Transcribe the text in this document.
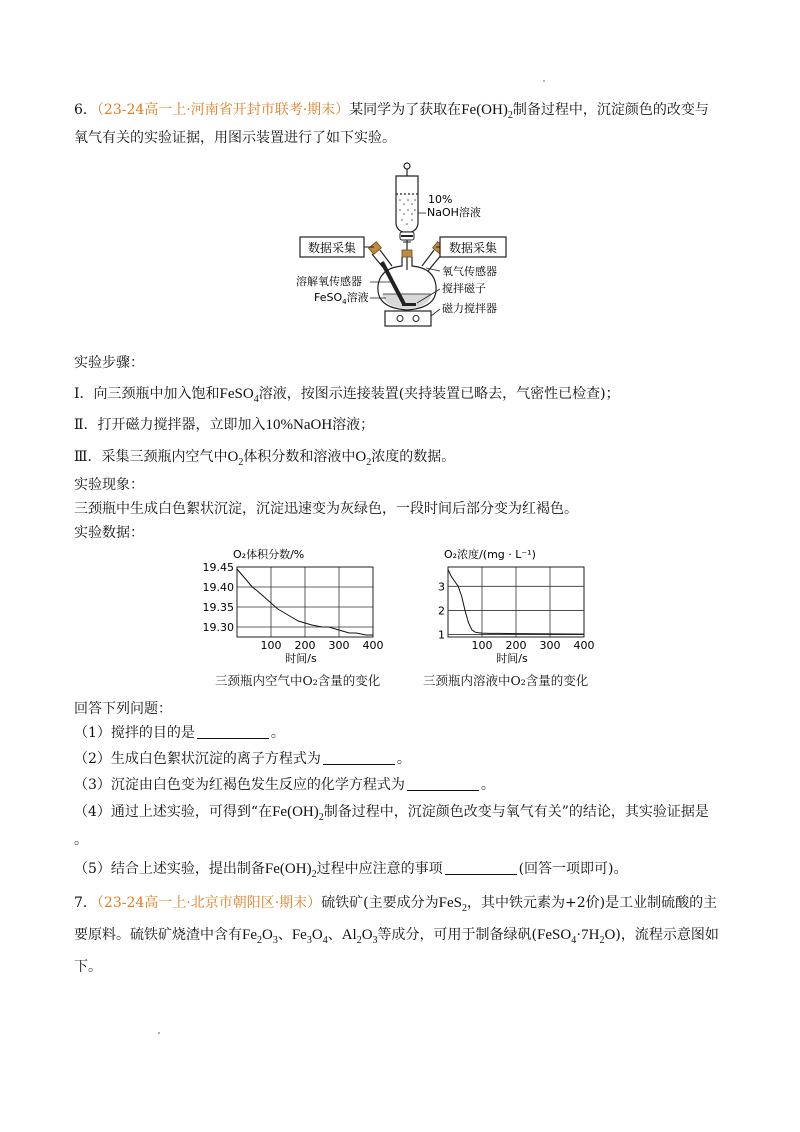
6．（23-24高一上·河南省开封市联考·期末）某同学为了获取在$Fe(OH)_2$制备过程中，沉淀颜色的改变与
氧气有关的实验证据，用图示装置进行了如下实验。
数据采集	数据采集
10%
NaOH溶液
氧气传感器
搅拌磁子
磁力搅拌器
溶解氧传感器
FeSO$_4$溶液
实验步骤：
Ⅰ．向三颈瓶中加入饱和FeSO$_4$溶液，按图示连接装置(夹持装置已略去，气密性已检查)；
Ⅱ．打开磁力搅拌器，立即加入10%NaOH溶液；
Ⅲ．采集三颈瓶内空气中$O_2$体积分数和溶液中$O_2$浓度的数据。
实验现象：
三颈瓶中生成白色絮状沉淀，沉淀迅速变为灰绿色，一段时间后部分变为红褐色。
实验数据：
100 200 300 400
19.30
19.35
19.40
19.45
O₂体积分数/%
时间/s
100 200 300 400
1
2
3
O₂浓度/(mg · L⁻¹)
时间/s
三颈瓶内空气中O₂含量的变化	三颈瓶内溶液中O₂含量的变化
回答下列问题：
（1）搅拌的目的是	。
（2）生成白色絮状沉淀的离子方程式为	。
（3）沉淀由白色变为红褐色发生反应的化学方程式为	。
（4）通过上述实验，可得到“在$Fe(OH)_2$制备过程中，沉淀颜色改变与氧气有关”的结论，其实验证据是
。
（5）结合上述实验，提出制备$Fe(OH)_2$过程中应注意的事项	(回答一项即可)。
7．（23-24高一上·北京市朝阳区·期末）硫铁矿(主要成分为FeS$_2$，其中铁元素为+2价)是工业制硫酸的主
要原料。硫铁矿烧渣中含有$Fe_2O_3$、$Fe_3O_4$、$Al_2O_3$等成分，可用于制备绿矾$(FeSO_4\cdot 7H_2O)$，流程示意图如
下。
